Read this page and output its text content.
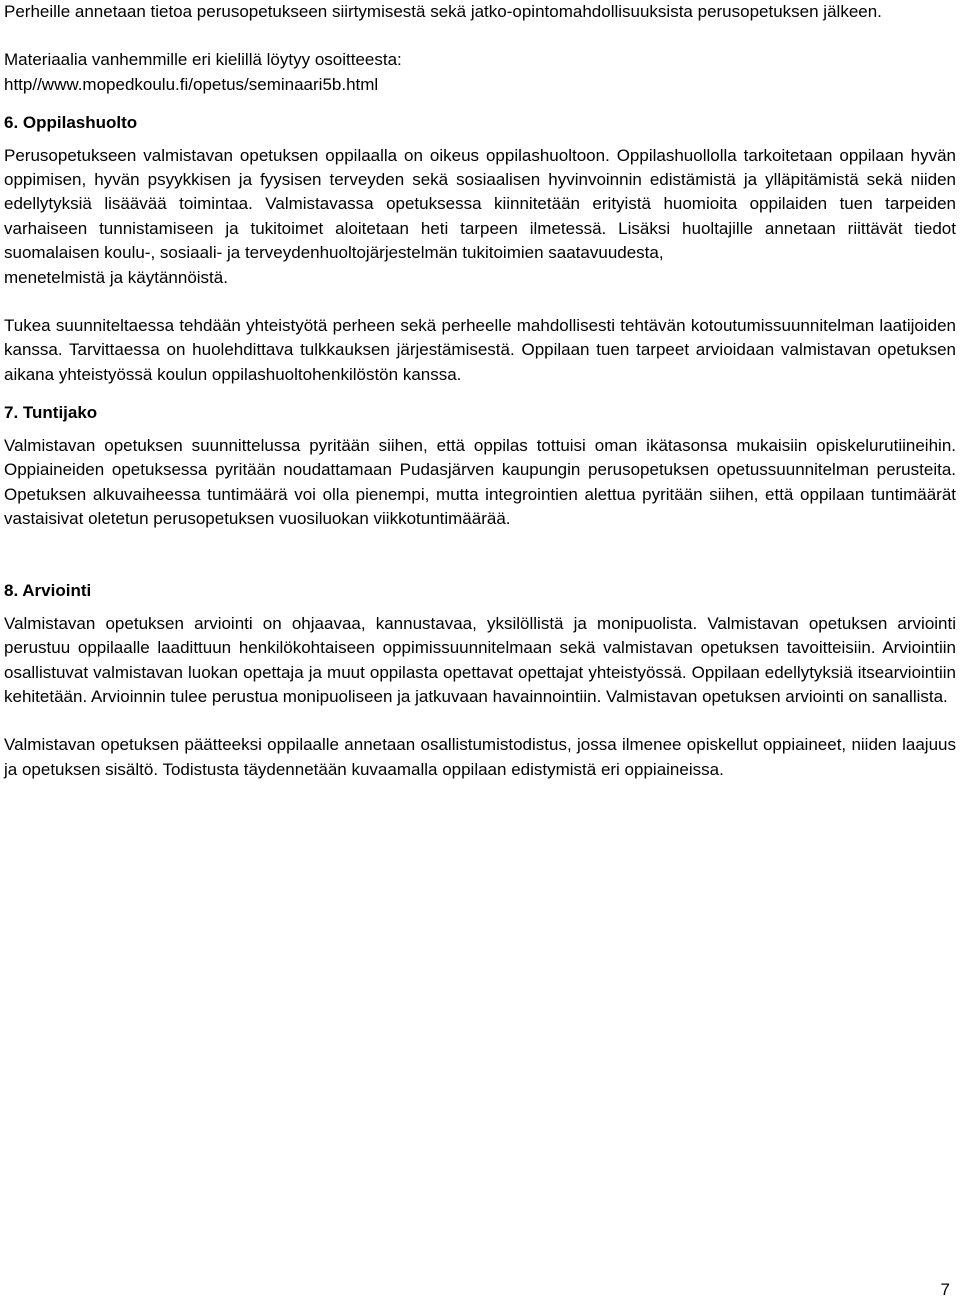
Perheille annetaan tietoa perusopetukseen siirtymisestä sekä jatko-opintomahdollisuuksista perusopetuksen jälkeen.

Materiaalia vanhemmille eri kielillä löytyy osoitteesta:

http//www.mopedkoulu.fi/opetus/seminaari5b.html

6. Oppilashuolto

Perusopetukseen valmistavan opetuksen oppilaalla on oikeus oppilashuoltoon. Oppilashuollolla tarkoitetaan oppilaan hyvän oppimisen, hyvän psyykkisen ja fyysisen terveyden sekä sosiaalisen hyvinvoinnin edistämistä ja ylläpitämistä sekä niiden edellytyksiä lisäävää toimintaa. Valmistavassa opetuksessa kiinnitetään erityistä huomioita oppilaiden tuen tarpeiden varhaiseen tunnistamiseen ja tukitoimet aloitetaan heti tarpeen ilmetessä. Lisäksi huoltajille annetaan riittävät tiedot suomalaisen koulu-, sosiaali- ja terveydenhuoltojärjestelmän tukitoimien saatavuudesta,

menetelmistä ja käytännöistä.

Tukea suunniteltaessa tehdään yhteistyötä perheen sekä perheelle mahdollisesti tehtävän kotoutumissuunnitelman laatijoiden kanssa. Tarvittaessa on huolehdittava tulkkauksen järjestämisestä. Oppilaan tuen tarpeet arvioidaan valmistavan opetuksen aikana yhteistyössä koulun oppilashuoltohenkilöstön kanssa.

7. Tuntijako

Valmistavan opetuksen suunnittelussa pyritään siihen, että oppilas tottuisi oman ikätasonsa mukaisiin opiskelurutiineihin. Oppiaineiden opetuksessa pyritään noudattamaan Pudasjärven kaupungin perusopetuksen opetussuunnitelman perusteita. Opetuksen alkuvaiheessa tuntimäärä voi olla pienempi, mutta integrointien alettua pyritään siihen, että oppilaan tuntimäärät vastaisivat oletetun perusopetuksen vuosiluokan viikkotuntimäärää.

8. Arviointi

Valmistavan opetuksen arviointi on ohjaavaa, kannustavaa, yksilöllistä ja monipuolista. Valmistavan opetuksen arviointi perustuu oppilaalle laadittuun henkilökohtaiseen oppimissuunnitelmaan sekä valmistavan opetuksen tavoitteisiin. Arviointiin osallistuvat valmistavan luokan opettaja ja muut oppilasta opettavat opettajat yhteistyössä. Oppilaan edellytyksiä itsearviointiin kehitetään. Arvioinnin tulee perustua monipuoliseen ja jatkuvaan havainnointiin. Valmistavan opetuksen arviointi on sanallista.

Valmistavan opetuksen päätteeksi oppilaalle annetaan osallistumistodistus, jossa ilmenee opiskellut oppiaineet, niiden laajuus ja opetuksen sisältö. Todistusta täydennetään kuvaamalla oppilaan edistymistä eri oppiaineissa.

7
